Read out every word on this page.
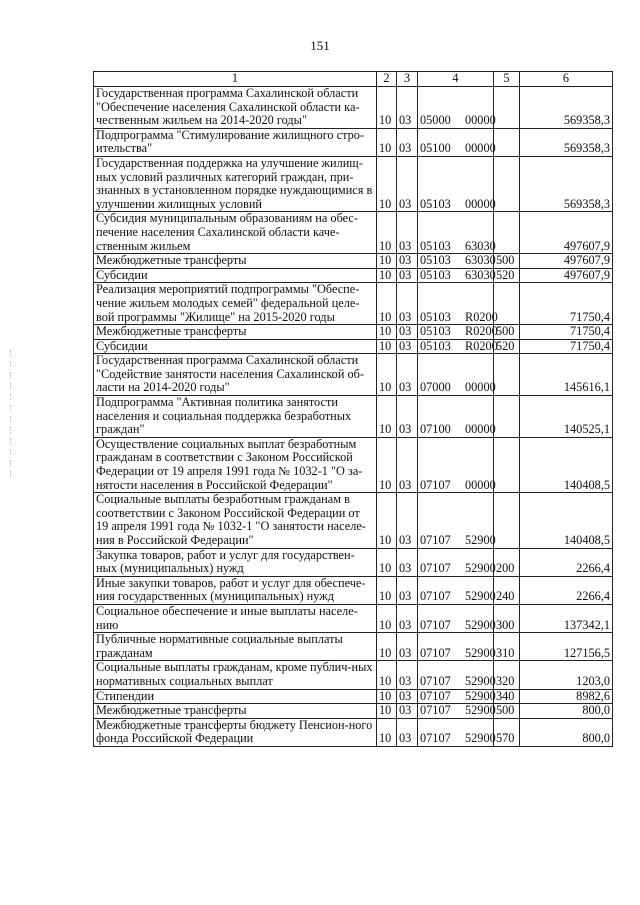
151
1	2	3	4	5	6
Государственная программа Сахалинской области "Обеспечение населения Сахалинской области ка-чественным жильем на 2014-2020 годы"	10	03	05000 00000		569358,3
Подпрограмма "Стимулирование жилищного стро-ительства"	10	03	05100 00000		569358,3
Государственная поддержка на улучшение жилищ-ных условий различных категорий граждан, при-знанных в установленном порядке нуждающимися в улучшении жилищных условий	10	03	05103 00000		569358,3
Субсидия муниципальным образованиям на обес-печение населения Сахалинской области каче-ственным жильем	10	03	05103 63030		497607,9
Межбюджетные трансферты	10	03	05103 63030	500	497607,9
Субсидии	10	03	05103 63030	520	497607,9
Реализация мероприятий подпрограммы "Обеспе-чение жильем молодых семей" федеральной целе-вой программы "Жилище" на 2015-2020 годы	10	03	05103 R0200		71750,4
Межбюджетные трансферты	10	03	05103 R0200	500	71750,4
Субсидии	10	03	05103 R0200	520	71750,4
Государственная программа Сахалинской области "Содействие занятости населения Сахалинской об-ласти на 2014-2020 годы"	10	03	07000 00000		145616,1
Подпрограмма "Активная политика занятости населения и социальная поддержка безработных граждан"	10	03	07100 00000		140525,1
Осуществление социальных выплат безработным гражданам в соответствии с Законом Российской Федерации от 19 апреля 1991 года № 1032-1 "О за-нятости населения в Российской Федерации"	10	03	07107 00000		140408,5
Социальные выплаты безработным гражданам в соответствии с Законом Российской Федерации от 19 апреля 1991 года № 1032-1 "О занятости населе-ния в Российской Федерации"	10	03	07107 52900		140408,5
Закупка товаров, работ и услуг для государствен-ных (муниципальных) нужд	10	03	07107 52900	200	2266,4
Иные закупки товаров, работ и услуг для обеспече-ния государственных (муниципальных) нужд	10	03	07107 52900	240	2266,4
Социальное обеспечение и иные выплаты населе-нию	10	03	07107 52900	300	137342,1
Публичные нормативные социальные выплаты гражданам	10	03	07107 52900	310	127156,5
Социальные выплаты гражданам, кроме публич-ных нормативных социальных выплат	10	03	07107 52900	320	1203,0
Стипендии	10	03	07107 52900	340	8982,6
Межбюджетные трансферты	10	03	07107 52900	500	800,0
Межбюджетные трансферты бюджету Пенсион-ного фонда Российской Федерации	10	03	07107 52900	570	800,0
